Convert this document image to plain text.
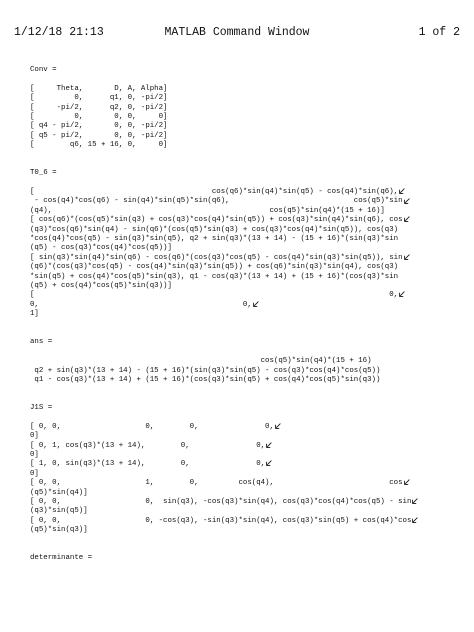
1/12/18 21:13	MATLAB Command Window	1 of 2
Conv =
[     Theta,       D, A, Alpha]
[         0,      q1, 0, -pi/2]
[     -pi/2,      q2, 0, -pi/2]
[         0,       0, 0,     0]
[ q4 - pi/2,       0, 0, -pi/2]
[ q5 - pi/2,       0, 0, -pi/2]
[        q6, 15 + 16, 0,     0]
T0_6 =
[                                        cos(q6)*sin(q4)*sin(q5) - cos(q4)*sin(q6),
- cos(q4)*cos(q6) - sin(q4)*sin(q5)*sin(q6),                            cos(q5)*sin
(q4),                                                 cos(q5)*sin(q4)*(15 + 16)]
[ cos(q6)*(cos(q5)*sin(q3) + cos(q3)*cos(q4)*sin(q5)) + cos(q3)*sin(q4)*sin(q6), cos
(q3)*cos(q6)*sin(q4) - sin(q6)*(cos(q5)*sin(q3) + cos(q3)*cos(q4)*sin(q5)), cos(q3)
*cos(q4)*cos(q5) - sin(q3)*sin(q5), q2 + sin(q3)*(13 + 14) - (15 + 16)*(sin(q3)*sin
(q5) - cos(q3)*cos(q4)*cos(q5))]
[ sin(q3)*sin(q4)*sin(q6) - cos(q6)*(cos(q3)*cos(q5) - cos(q4)*sin(q3)*sin(q5)), sin
(q6)*(cos(q3)*cos(q5) - cos(q4)*sin(q3)*sin(q5)) + cos(q6)*sin(q3)*sin(q4), cos(q3)
*sin(q5) + cos(q4)*cos(q5)*sin(q3), q1 - cos(q3)*(13 + 14) + (15 + 16)*(cos(q3)*sin
(q5) + cos(q4)*cos(q5)*sin(q3))]
[                                                                                0,
0,                                              0,
1]
ans =
cos(q5)*sin(q4)*(15 + 16)
q2 + sin(q3)*(13 + 14) - (15 + 16)*(sin(q3)*sin(q5) - cos(q3)*cos(q4)*cos(q5))
q1 - cos(q3)*(13 + 14) + (15 + 16)*(cos(q3)*sin(q5) + cos(q4)*cos(q5)*sin(q3))
J1S =
[ 0, 0,                   0,        0,               0,
0]
[ 0, 1, cos(q3)*(13 + 14),        0,               0,
0]
[ 1, 0, sin(q3)*(13 + 14),        0,               0,
0]
[ 0, 0,                   1,        0,         cos(q4),                          cos
(q5)*sin(q4)]
[ 0, 0,                   0,  sin(q3), -cos(q3)*sin(q4), cos(q3)*cos(q4)*cos(q5) - sin
(q3)*sin(q5)]
[ 0, 0,                   0, -cos(q3), -sin(q3)*sin(q4), cos(q3)*sin(q5) + cos(q4)*cos
(q5)*sin(q3)]
determinante =
